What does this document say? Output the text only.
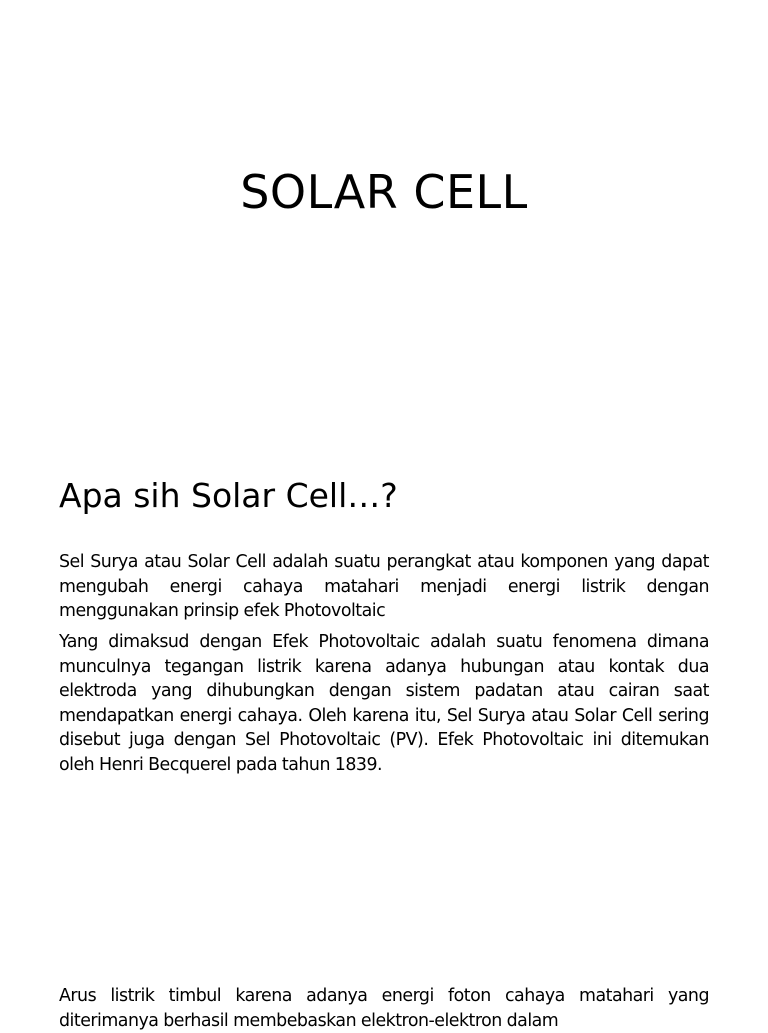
SOLAR CELL
Apa sih Solar Cell…?

Sel Surya atau Solar Cell adalah suatu perangkat atau komponen yang dapat mengubah energi cahaya matahari menjadi energi listrik dengan menggunakan prinsip efek Photovoltaic

Yang dimaksud dengan Efek Photovoltaic adalah suatu fenomena dimana munculnya tegangan listrik karena adanya hubungan atau kontak dua elektroda yang dihubungkan dengan sistem padatan atau cairan saat mendapatkan energi cahaya. Oleh karena itu, Sel Surya atau Solar Cell sering disebut juga dengan Sel Photovoltaic (PV). Efek Photovoltaic ini ditemukan oleh Henri Becquerel pada tahun 1839.

Arus listrik timbul karena adanya energi foton cahaya matahari yang diterimanya berhasil membebaskan elektron-elektron dalam
